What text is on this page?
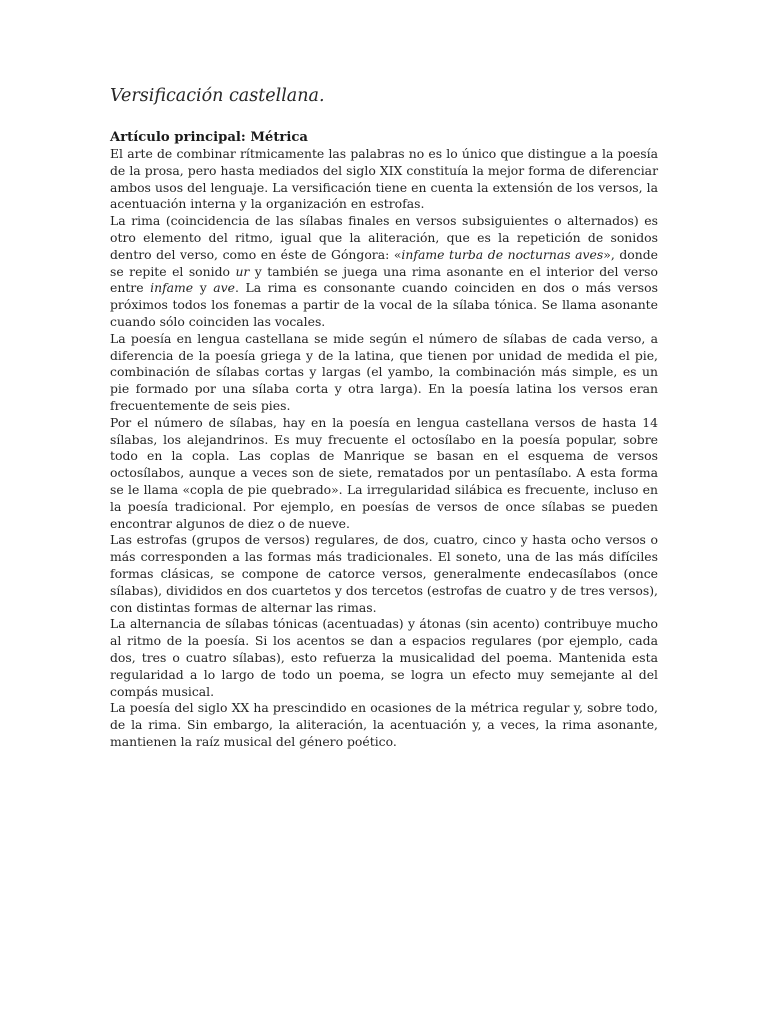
Versificación castellana.

Artículo principal: Métrica

El arte de combinar rítmicamente las palabras no es lo único que distingue a la poesía de la prosa, pero hasta mediados del siglo XIX constituía la mejor forma de diferenciar ambos usos del lenguaje. La versificación tiene en cuenta la extensión de los versos, la acentuación interna y la organización en estrofas.

La rima (coincidencia de las sílabas finales en versos subsiguientes o alternados) es otro elemento del ritmo, igual que la aliteración, que es la repetición de sonidos dentro del verso, como en éste de Góngora: «infame turba de nocturnas aves», donde se repite el sonido ur y también se juega una rima asonante en el interior del verso entre infame y ave. La rima es consonante cuando coinciden en dos o más versos próximos todos los fonemas a partir de la vocal de la sílaba tónica. Se llama asonante cuando sólo coinciden las vocales.

La poesía en lengua castellana se mide según el número de sílabas de cada verso, a diferencia de la poesía griega y de la latina, que tienen por unidad de medida el pie, combinación de sílabas cortas y largas (el yambo, la combinación más simple, es un pie formado por una sílaba corta y otra larga). En la poesía latina los versos eran frecuentemente de seis pies.

Por el número de sílabas, hay en la poesía en lengua castellana versos de hasta 14 sílabas, los alejandrinos. Es muy frecuente el octosílabo en la poesía popular, sobre todo en la copla. Las coplas de Manrique se basan en el esquema de versos octosílabos, aunque a veces son de siete, rematados por un pentasílabo. A esta forma se le llama «copla de pie quebrado». La irregularidad silábica es frecuente, incluso en la poesía tradicional. Por ejemplo, en poesías de versos de once sílabas se pueden encontrar algunos de diez o de nueve.

Las estrofas (grupos de versos) regulares, de dos, cuatro, cinco y hasta ocho versos o más corresponden a las formas más tradicionales. El soneto, una de las más difíciles formas clásicas, se compone de catorce versos, generalmente endecasílabos (once sílabas), divididos en dos cuartetos y dos tercetos (estrofas de cuatro y de tres versos), con distintas formas de alternar las rimas.

La alternancia de sílabas tónicas (acentuadas) y átonas (sin acento) contribuye mucho al ritmo de la poesía. Si los acentos se dan a espacios regulares (por ejemplo, cada dos, tres o cuatro sílabas), esto refuerza la musicalidad del poema. Mantenida esta regularidad a lo largo de todo un poema, se logra un efecto muy semejante al del compás musical.

La poesía del siglo XX ha prescindido en ocasiones de la métrica regular y, sobre todo, de la rima. Sin embargo, la aliteración, la acentuación y, a veces, la rima asonante, mantienen la raíz musical del género poético.
